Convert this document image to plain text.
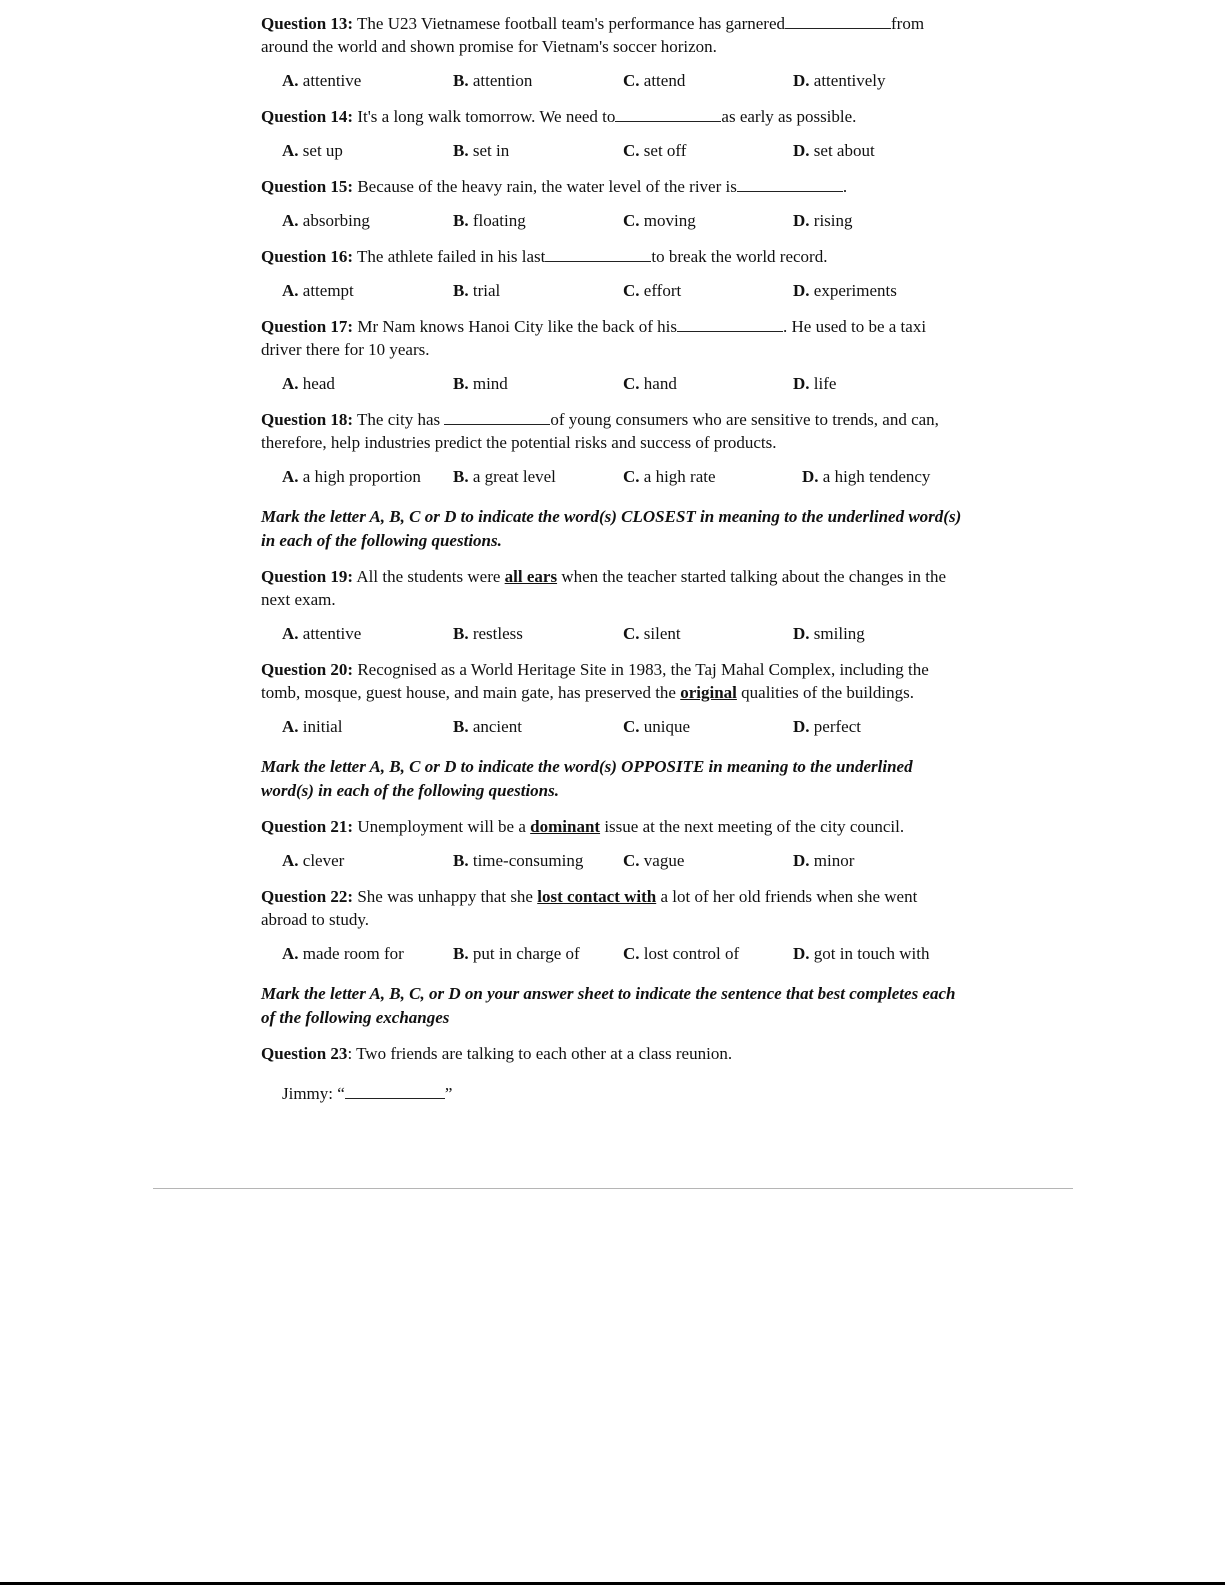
Question 13: The U23 Vietnamese football team's performance has garnered	from around the world and shown promise for Vietnam's soccer horizon.

A. attentive	B. attention	C. attend	D. attentively

Question 14: It's a long walk tomorrow. We need to	as early as possible.

A. set up	B. set in	C. set off	D. set about

Question 15: Because of the heavy rain, the water level of the river is	.

A. absorbing	B. floating	C. moving	D. rising

Question 16: The athlete failed in his last	to break the world record.

A. attempt	B. trial	C. effort	D. experiments

Question 17: Mr Nam knows Hanoi City like the back of his	. He used to be a taxi driver there for 10 years.

A. head	B. mind	C. hand	D. life

Question 18: The city has	of young consumers who are sensitive to trends, and can, therefore, help industries predict the potential risks and success of products.

A. a high proportion B. a great level	C. a high rate	D. a high tendency

Mark the letter A, B, C or D to indicate the word(s) CLOSEST in meaning to the underlined word(s) in each of the following questions.

Question 19: All the students were all ears when the teacher started talking about the changes in the next exam.

A. attentive	B. restless	C. silent	D. smiling

Question 20: Recognised as a World Heritage Site in 1983, the Taj Mahal Complex, including the tomb, mosque, guest house, and main gate, has preserved the original qualities of the buildings.

A. initial	B. ancient	C. unique	D. perfect

Mark the letter A, B, C or D to indicate the word(s) OPPOSITE in meaning to the underlined word(s) in each of the following questions.

Question 21: Unemployment will be a dominant issue at the next meeting of the city council.

A. clever	B. time-consuming C. vague	D. minor

Question 22: She was unhappy that she lost contact with a lot of her old friends when she went abroad to study.

A. made room for	B. put in charge of	C. lost control of	D. got in touch with

Mark the letter A, B, C, or D on your answer sheet to indicate the sentence that best completes each of the following exchanges

Question 23: Two friends are talking to each other at a class reunion.

Jimmy: “	”
